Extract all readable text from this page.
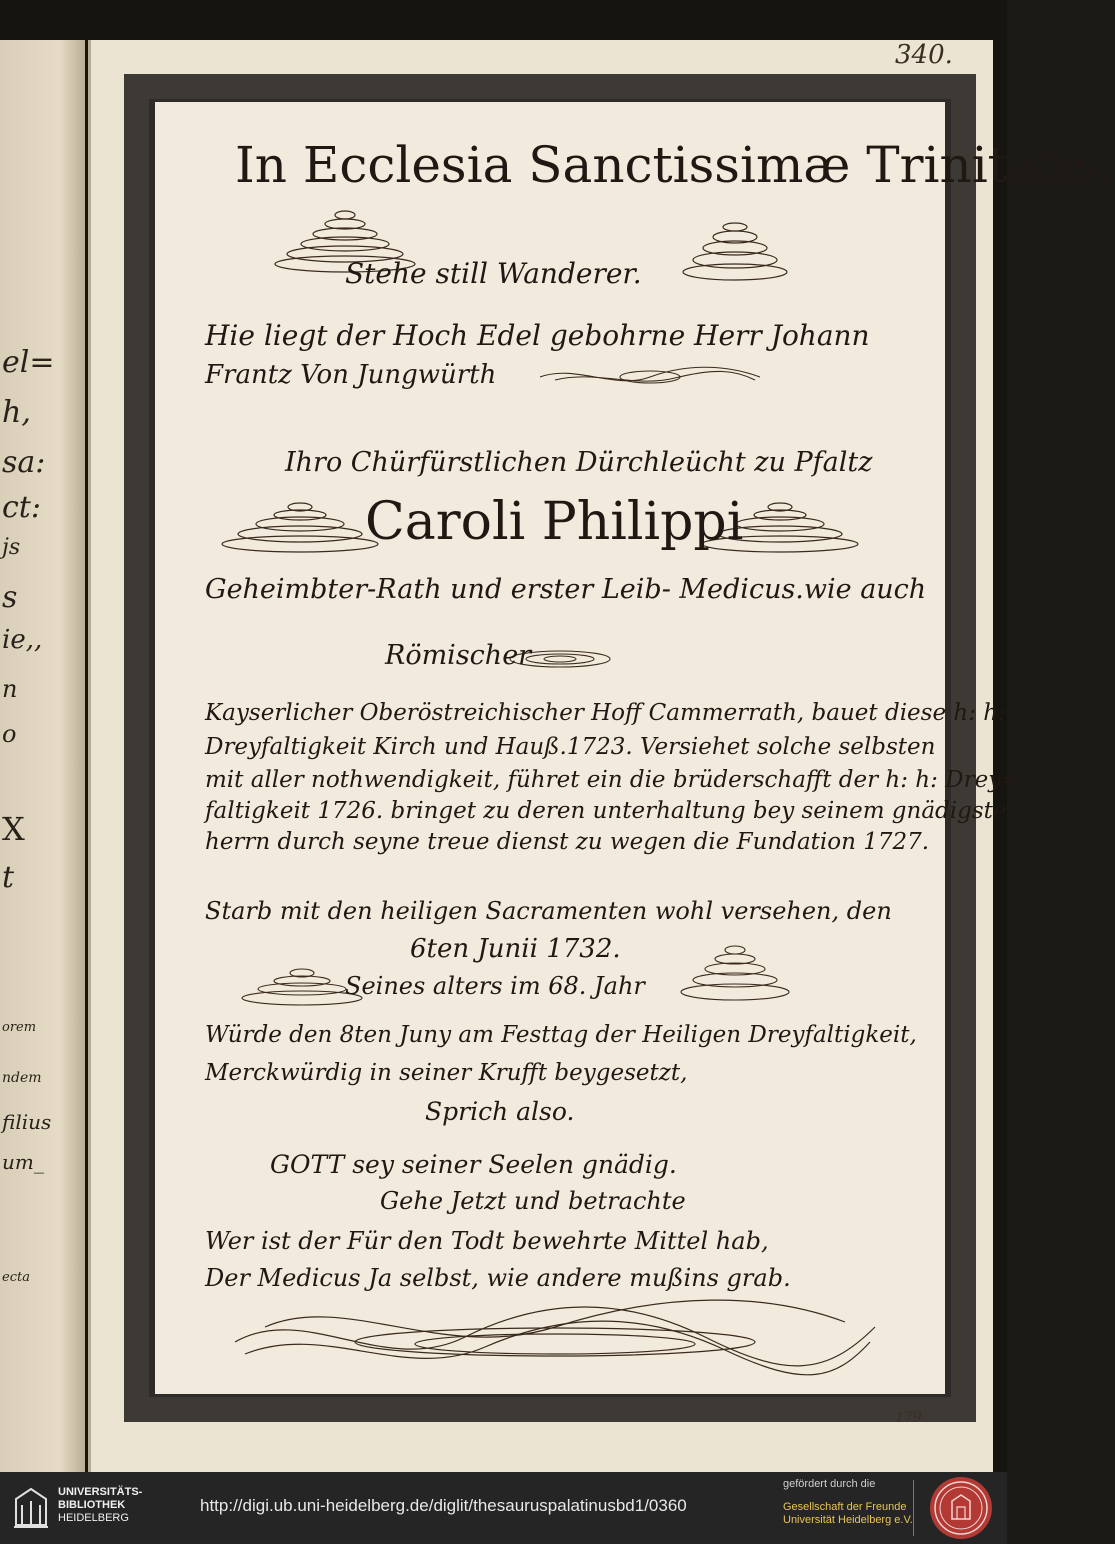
el=
h,
sa:
ct:
js
s
ie,,
n
o
X
t
orem
ndem
filius
um_
ecta
340.
In Ecclesia Sanctissimæ Trinitatis.
Stehe still Wanderer.
Hie liegt der Hoch Edel gebohrne Herr Johann
Frantz Von Jungwürth
Ihro Chürfürstlichen Dürchleücht zu Pfaltz
Caroli Philippi
Geheimbter-Rath und erster Leib- Medicus.wie auch
Römischer
Kayserlicher Oberöstreichischer Hoff Cammerrath, bauet diese h: h:
Dreyfaltigkeit Kirch und Hauß.1723. Versiehet solche selbsten
mit aller nothwendigkeit, führet ein die brüderschafft der h: h: Drey=
faltigkeit 1726. bringet zu deren unterhaltung bey seinem gnädigsten
herrn durch seyne treue dienst zu wegen die Fundation 1727.
Starb mit den heiligen Sacramenten wohl versehen, den
6ten Junii 1732.
Seines alters im 68. Jahr
Würde den 8ten Juny am Festtag der Heiligen Dreyfaltigkeit,
Merckwürdig in seiner Krufft beygesetzt,
Sprich also.
GOTT sey seiner Seelen gnädig.
Gehe Jetzt und betrachte
Wer ist der Für den Todt bewehrte Mittel hab,
Der Medicus Ja selbst, wie andere mußins grab.
179
UNIVERSITÄTS-
BIBLIOTHEK
HEIDELBERG
http://digi.ub.uni-heidelberg.de/diglit/thesauruspalatinusbd1/0360
gefördert durch die
Gesellschaft der Freunde
Universität Heidelberg e.V.
